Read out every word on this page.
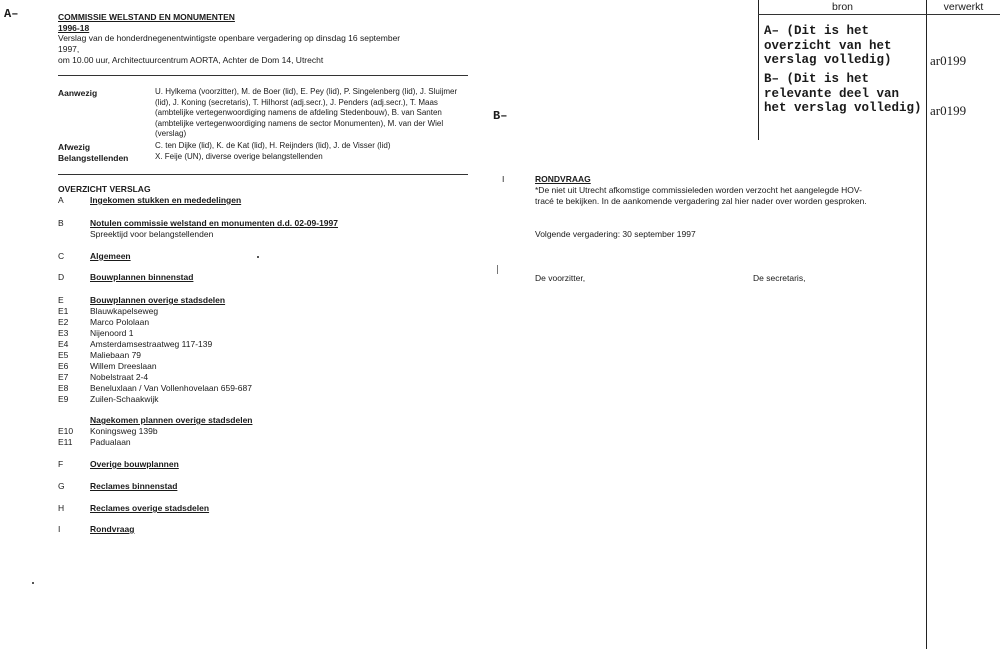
A–	COMMISSIE WELSTAND EN MONUMENTEN
1996-18
Verslag van de honderdnegenentwintigste openbare vergadering op dinsdag 16 september
1997,
om 10.00 uur, Architectuurcentrum AORTA, Achter de Dom 14, Utrecht
Aanwezig	U. Hylkema (voorzitter), M. de Boer (lid), E. Pey (lid), P. Singelenberg (lid), J. Sluijmer (lid), J. Koning (secretaris), T. Hilhorst (adj.secr.), J. Penders (adj.secr.), T. Maas (ambtelijke vertegenwoordiging namens de afdeling Stedenbouw), B. van Santen (ambtelijke vertegenwoordiging namens de sector Monumenten), M. van der Wiel (verslag)
Afwezig	C. ten Dijke (lid), K. de Kat (lid), H. Reijnders (lid), J. de Visser (lid)
Belangstellenden	X. Feije (UN), diverse overige belangstellenden
OVERZICHT VERSLAG
A	Ingekomen stukken en mededelingen
B	Notulen commissie welstand en monumenten d.d. 02-09-1997
Spreektijd voor belangstellenden
C	Algemeen
D	Bouwplannen binnenstad
E	Bouwplannen overige stadsdelen
E1	Blauwkapelseweg
E2	Marco Pololaan
E3	Nijenoord 1
E4	Amsterdamsestraatweg 117-139
E5	Maliebaan 79
E6	Willem Dreeslaan
E7	Nobelstraat 2-4
E8	Beneluxlaan / Van Vollenhovelaan 659-687
E9	Zuilen-Schaakwijk
Nagekomen plannen overige stadsdelen
E10 Koningsweg 139b
E11 Padualaan
F	Overige bouwplannen
G	Reclames binnenstad
H	Reclames overige stadsdelen
I	Rondvraag
B–
I	RONDVRAAG
*De niet uit Utrecht afkomstige commissieleden worden verzocht het aangelegde HOV-
tracé te bekijken. In de aankomende vergadering zal hier nader over worden gesproken.
Volgende vergadering: 30 september 1997
De voorzitter,	De secretaris,
bron	verwerkt
A– (Dit is het overzicht van het verslag volledig)	ar0199
B– (Dit is het relevante deel van het verslag volledig) ar0199
